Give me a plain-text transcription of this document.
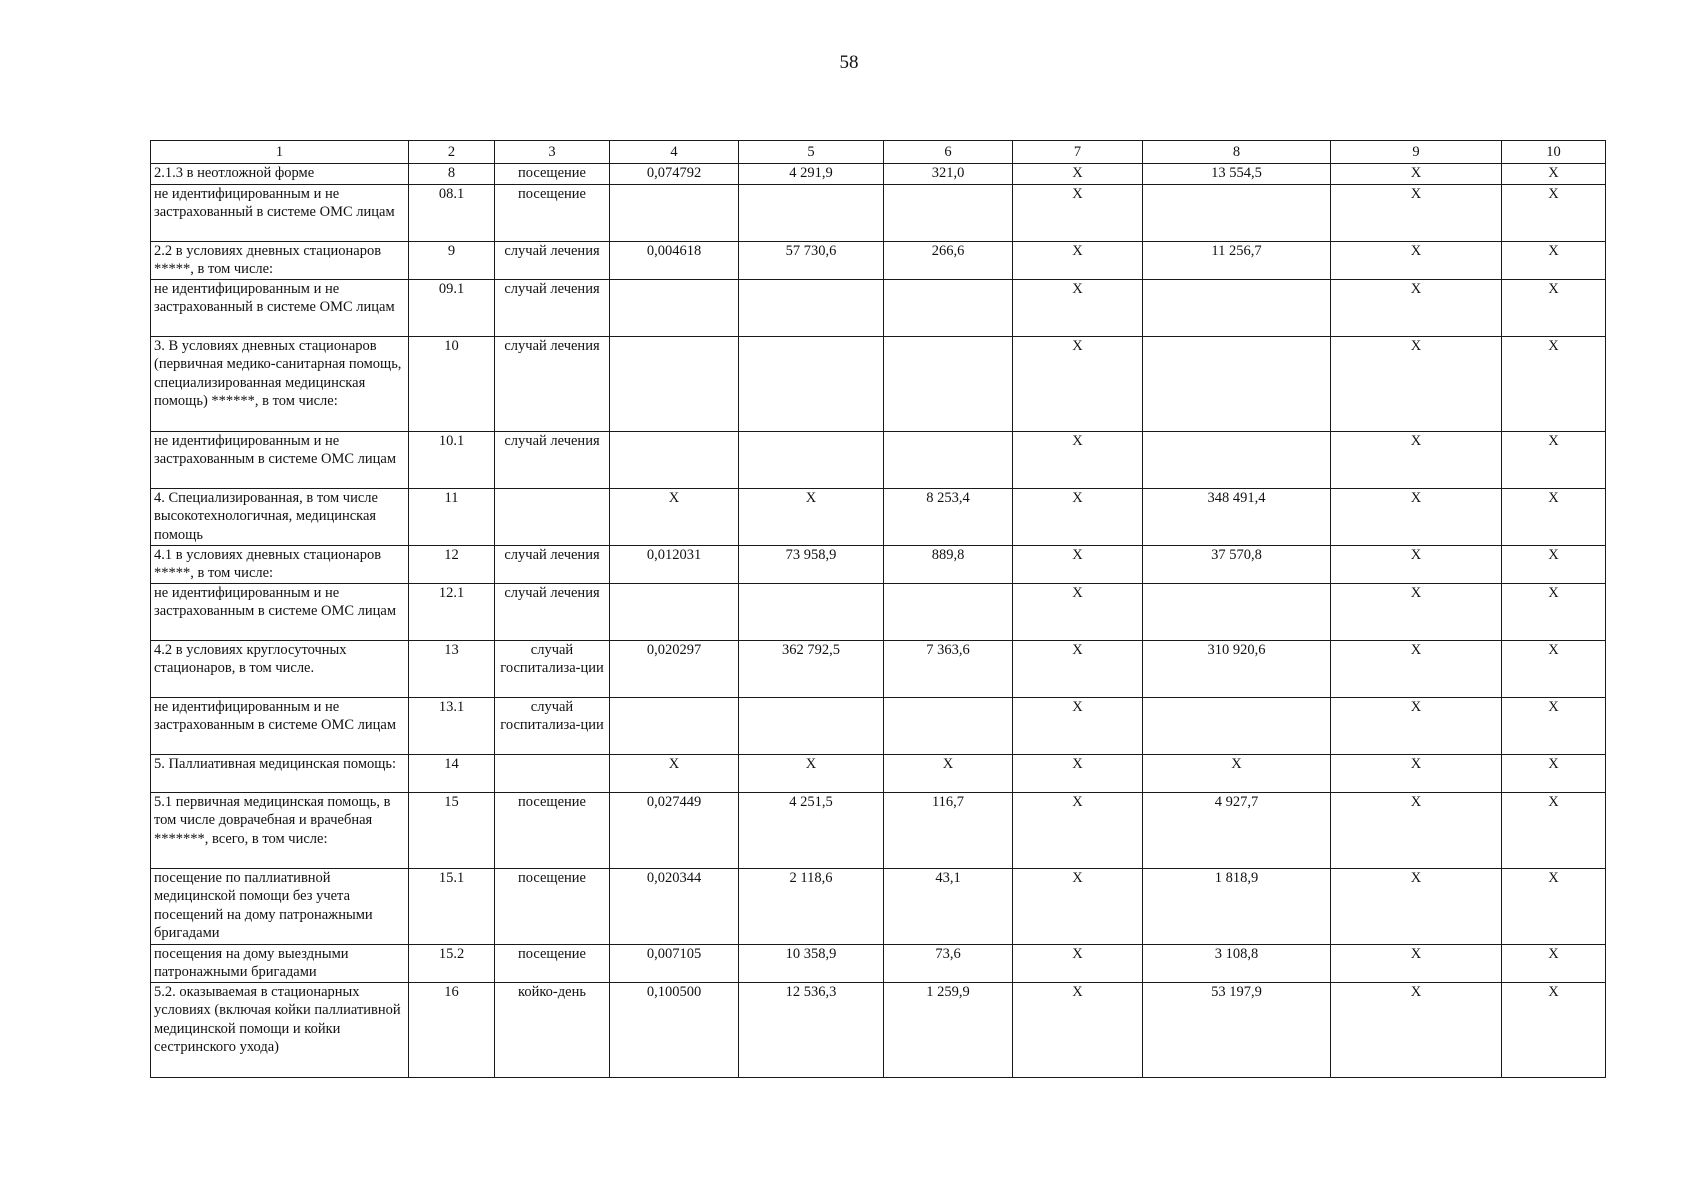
58
1	2	3	4	5	6	7	8	9	10
2.1.3 в неотложной форме	8	посещение	0,074792	4 291,9	321,0	X	13 554,5	X	X
не идентифицированным и не застрахованный в системе ОМС лицам	08.1	посещение				X		X	X
2.2 в условиях дневных стационаров *****, в том числе:	9	случай лечения	0,004618	57 730,6	266,6	X	11 256,7	X	X
не идентифицированным и не застрахованный в системе ОМС лицам	09.1	случай лечения				X		X	X
3. В условиях дневных стационаров (первичная медико-санитарная помощь, специализированная медицинская помощь) ******, в том числе:	10	случай лечения				X		X	X
не идентифицированным и не застрахованным в системе ОМС лицам	10.1	случай лечения				X		X	X
4. Специализированная, в том числе высокотехнологичная, медицинская помощь	11		X	X	8 253,4	X	348 491,4	X	X
4.1 в условиях дневных стационаров *****, в том числе:	12	случай лечения	0,012031	73 958,9	889,8	X	37 570,8	X	X
не идентифицированным и не застрахованным в системе ОМС лицам	12.1	случай лечения				X		X	X
4.2 в условиях круглосуточных стационаров, в том числе.	13	случай госпитализа-ции	0,020297	362 792,5	7 363,6	X	310 920,6	X	X
не идентифицированным и не застрахованным в системе ОМС лицам	13.1	случай госпитализа-ции				X		X	X
5. Паллиативная медицинская помощь:	14		X	X	X	X	X	X	X
5.1 первичная медицинская помощь, в том числе доврачебная и врачебная *******, всего, в том числе:	15	посещение	0,027449	4 251,5	116,7	X	4 927,7	X	X
посещение по паллиативной медицинской помощи без учета посещений на дому патронажными бригадами	15.1	посещение	0,020344	2 118,6	43,1	X	1 818,9	X	X
посещения на дому выездными патронажными бригадами	15.2	посещение	0,007105	10 358,9	73,6	X	3 108,8	X	X
5.2. оказываемая в стационарных условиях (включая койки паллиативной медицинской помощи и койки сестринского ухода)	16	койко-день	0,100500	12 536,3	1 259,9	X	53 197,9	X	X
